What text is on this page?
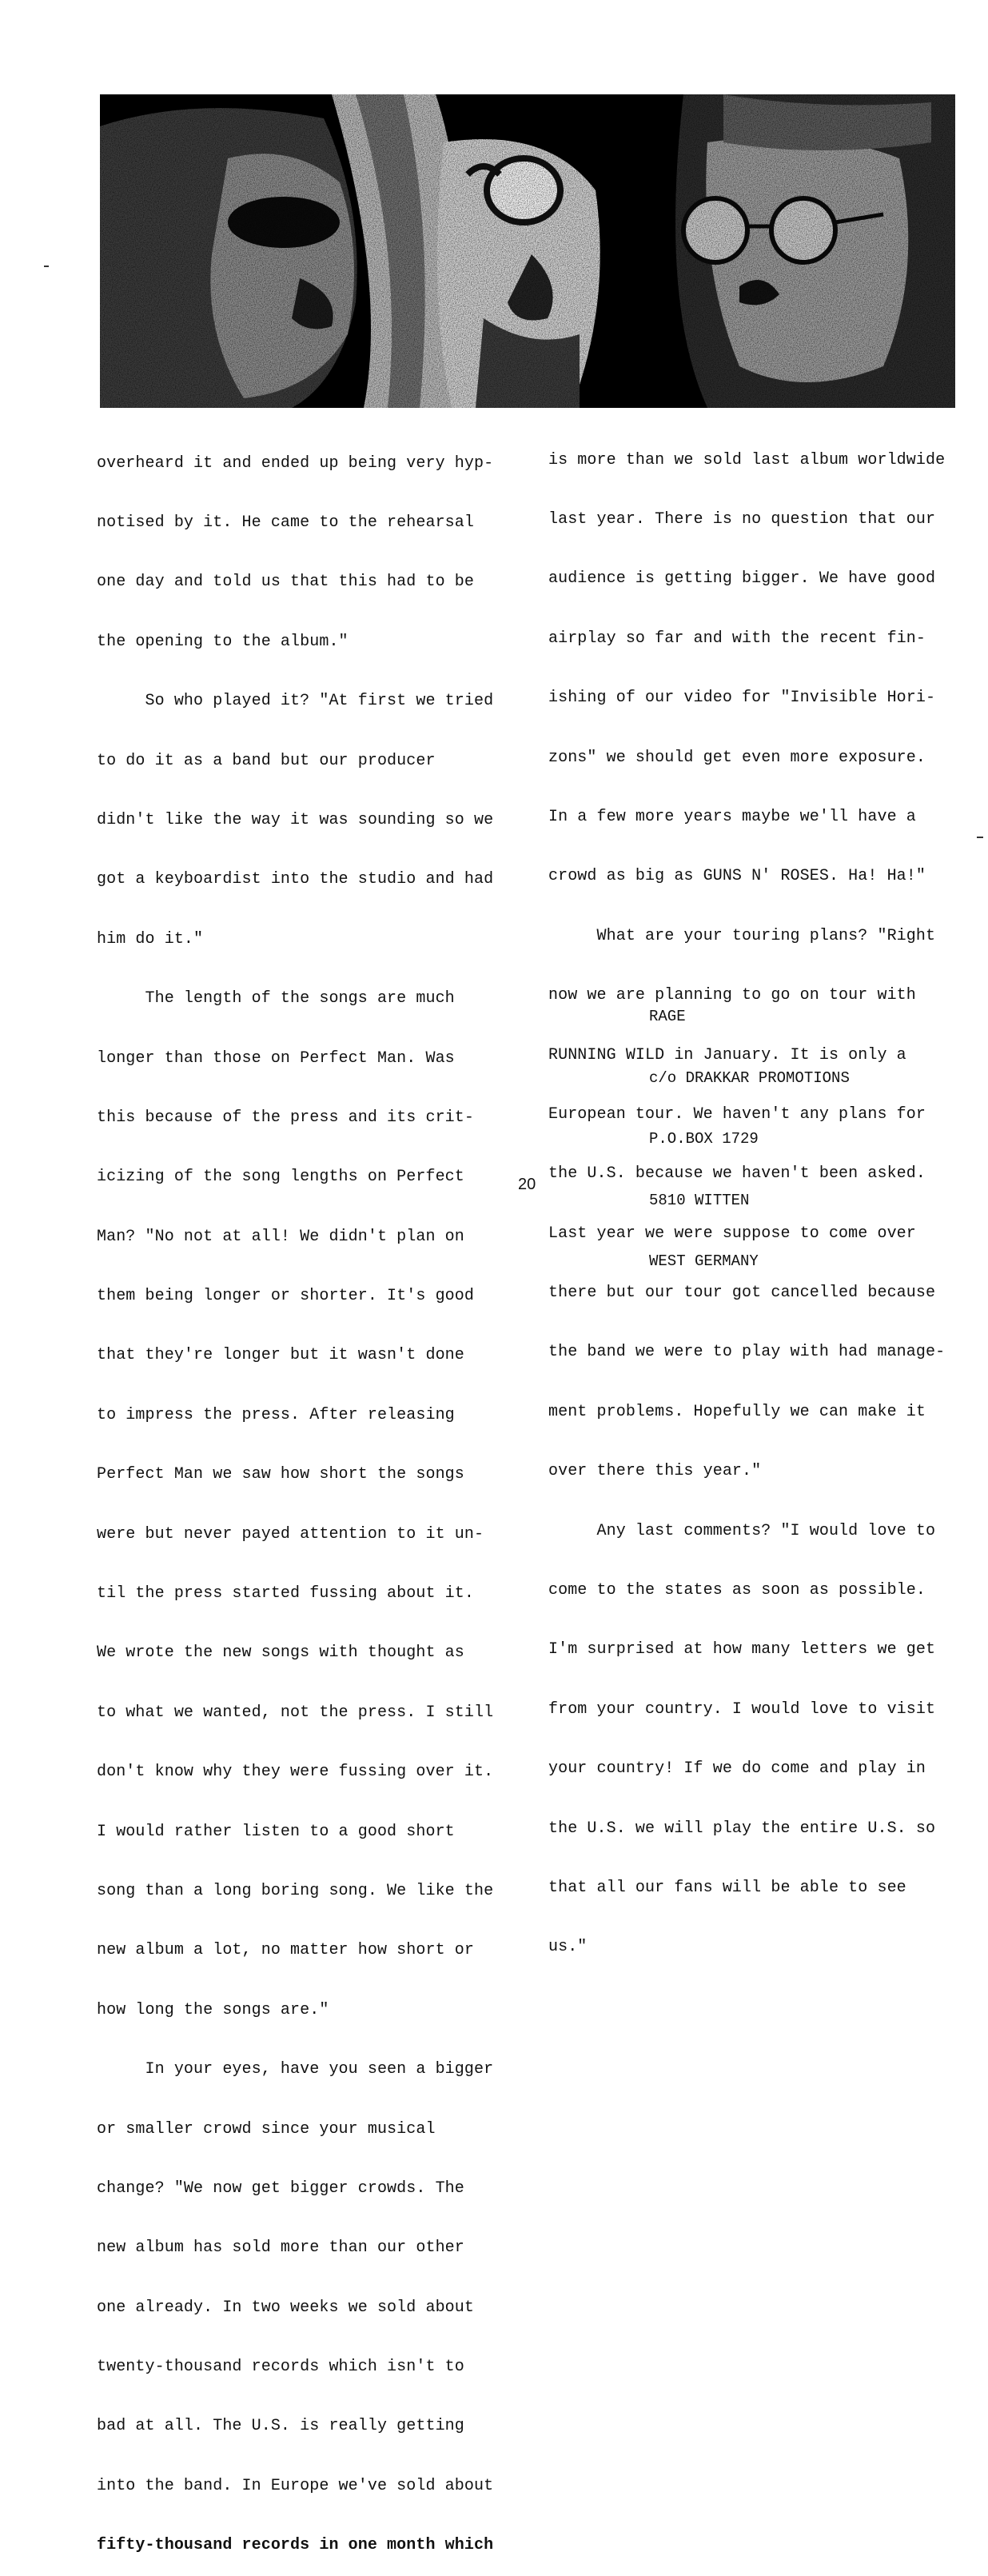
overheard it and ended up being very hyp-

notised by it. He came to the rehearsal

one day and told us that this had to be

the opening to the album."

So who played it? "At first we tried

to do it as a band but our producer

didn't like the way it was sounding so we

got a keyboardist into the studio and had

him do it."

The length of the songs are much

longer than those on Perfect Man. Was

this because of the press and its crit-

icizing of the song lengths on Perfect

Man? "No not at all! We didn't plan on

them being longer or shorter. It's good

that they're longer but it wasn't done

to impress the press. After releasing

Perfect Man we saw how short the songs

were but never payed attention to it un-

til the press started fussing about it.

We wrote the new songs with thought as

to what we wanted, not the press. I still

don't know why they were fussing over it.

I would rather listen to a good short

song than a long boring song. We like the

new album a lot, no matter how short or

how long the songs are."

In your eyes, have you seen a bigger

or smaller crowd since your musical

change? "We now get bigger crowds. The

new album has sold more than our other

one already. In two weeks we sold about

twenty-thousand records which isn't to

bad at all. The U.S. is really getting

into the band. In Europe we've sold about

fifty-thousand records in one month which

is more than we sold last album worldwide

last year. There is no question that our

audience is getting bigger. We have good

airplay so far and with the recent fin-

ishing of our video for "Invisible Hori-

zons" we should get even more exposure.

In a few more years maybe we'll have a

crowd as big as GUNS N' ROSES. Ha! Ha!"

What are your touring plans? "Right

now we are planning to go on tour with

RUNNING WILD in January. It is only a

European tour. We haven't any plans for

the U.S. because we haven't been asked.

Last year we were suppose to come over

there but our tour got cancelled because

the band we were to play with had manage-

ment problems. Hopefully we can make it

over there this year."

Any last comments? "I would love to

come to the states as soon as possible.

I'm surprised at how many letters we get

from your country. I would love to visit

your country! If we do come and play in

the U.S. we will play the entire U.S. so

that all our fans will be able to see

us."

RAGE

c/o DRAKKAR PROMOTIONS

P.O.BOX 1729

5810 WITTEN

WEST GERMANY

20
